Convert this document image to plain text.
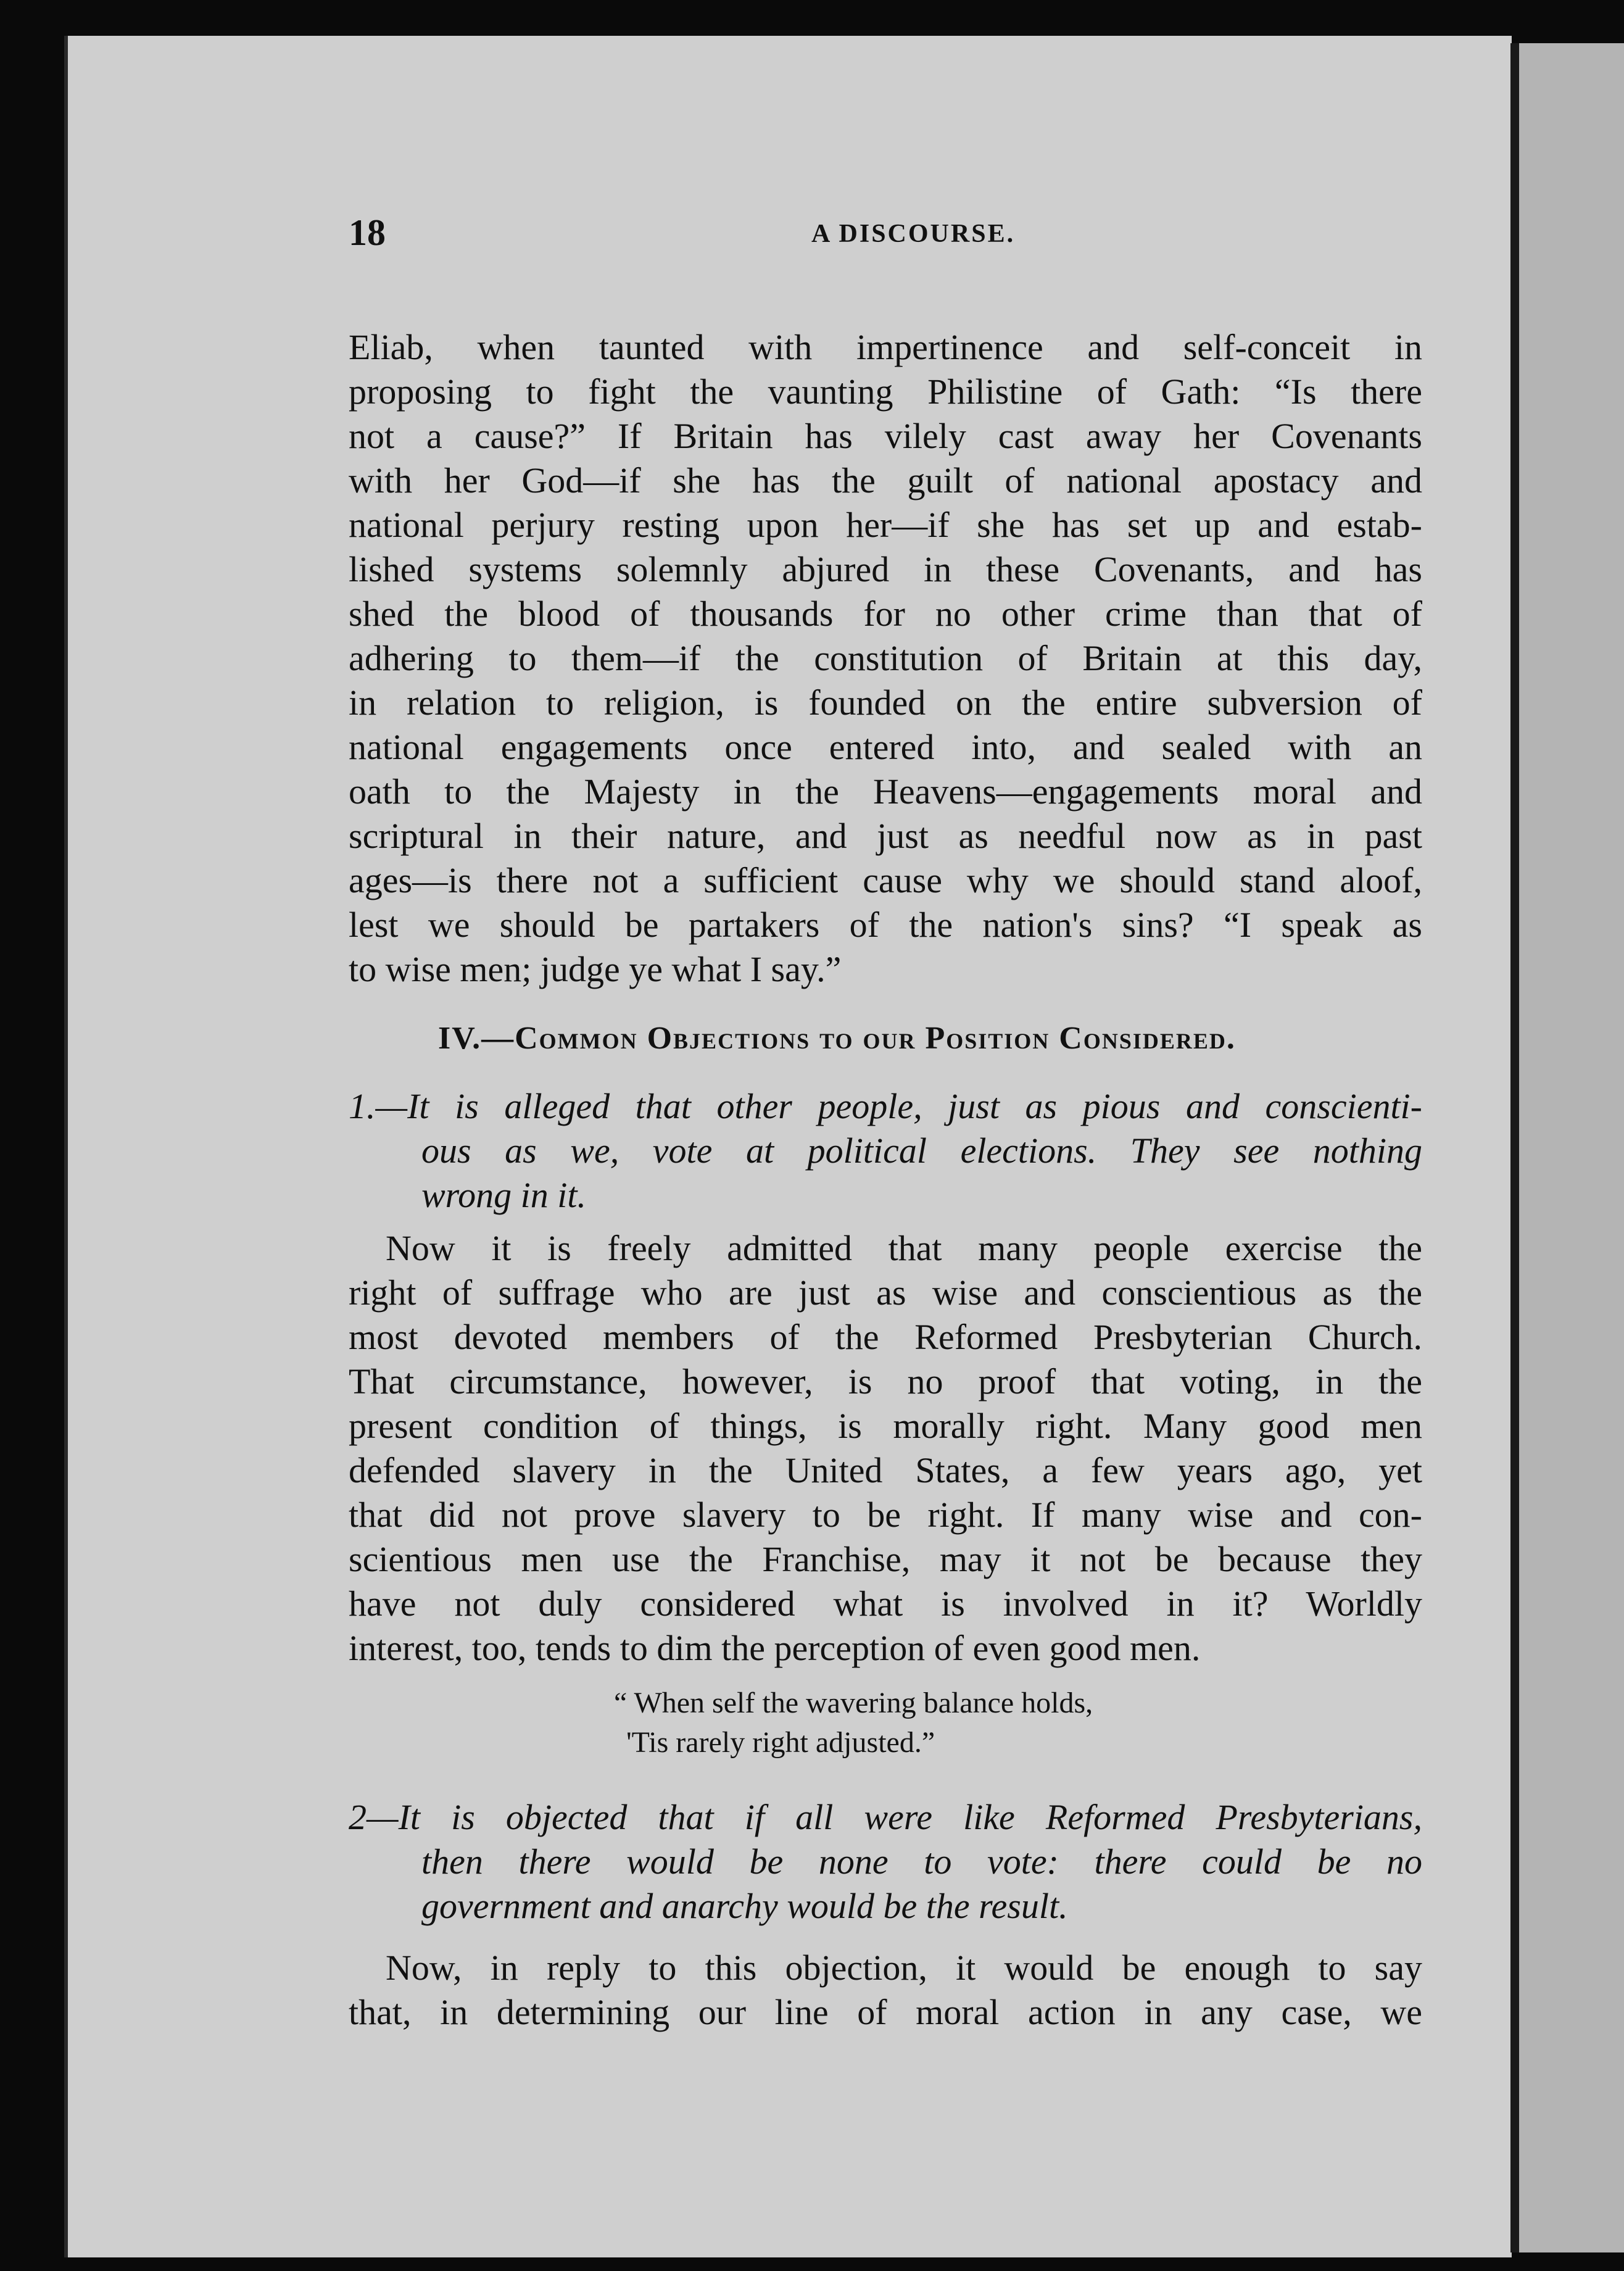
18	A DISCOURSE.
Eliab, when taunted with impertinence and self-conceit in
proposing to fight the vaunting Philistine of Gath: “Is there
not a cause?” If Britain has vilely cast away her Covenants
with her God—if she has the guilt of national apostacy and
national perjury resting upon her—if she has set up and estab-
lished systems solemnly abjured in these Covenants, and has
shed the blood of thousands for no other crime than that of
adhering to them—if the constitution of Britain at this day,
in relation to religion, is founded on the entire subversion of
national engagements once entered into, and sealed with an
oath to the Majesty in the Heavens—engagements moral and
scriptural in their nature, and just as needful now as in past
ages—is there not a sufficient cause why we should stand aloof,
lest we should be partakers of the nation's sins? “I speak as
to wise men; judge ye what I say.”
IV.—Common Objections to our Position Considered.
1.—It is alleged that other people, just as pious and conscienti-
ous as we, vote at political elections. They see nothing
wrong in it.
Now it is freely admitted that many people exercise the
right of suffrage who are just as wise and conscientious as the
most devoted members of the Reformed Presbyterian Church.
That circumstance, however, is no proof that voting, in the
present condition of things, is morally right. Many good men
defended slavery in the United States, a few years ago, yet
that did not prove slavery to be right. If many wise and con-
scientious men use the Franchise, may it not be because they
have not duly considered what is involved in it? Worldly
interest, too, tends to dim the perception of even good men.
“ When self the wavering balance holds,
'Tis rarely right adjusted.”
2—It is objected that if all were like Reformed Presbyterians,
then there would be none to vote: there could be no
government and anarchy would be the result.
Now, in reply to this objection, it would be enough to say
that, in determining our line of moral action in any case, we
